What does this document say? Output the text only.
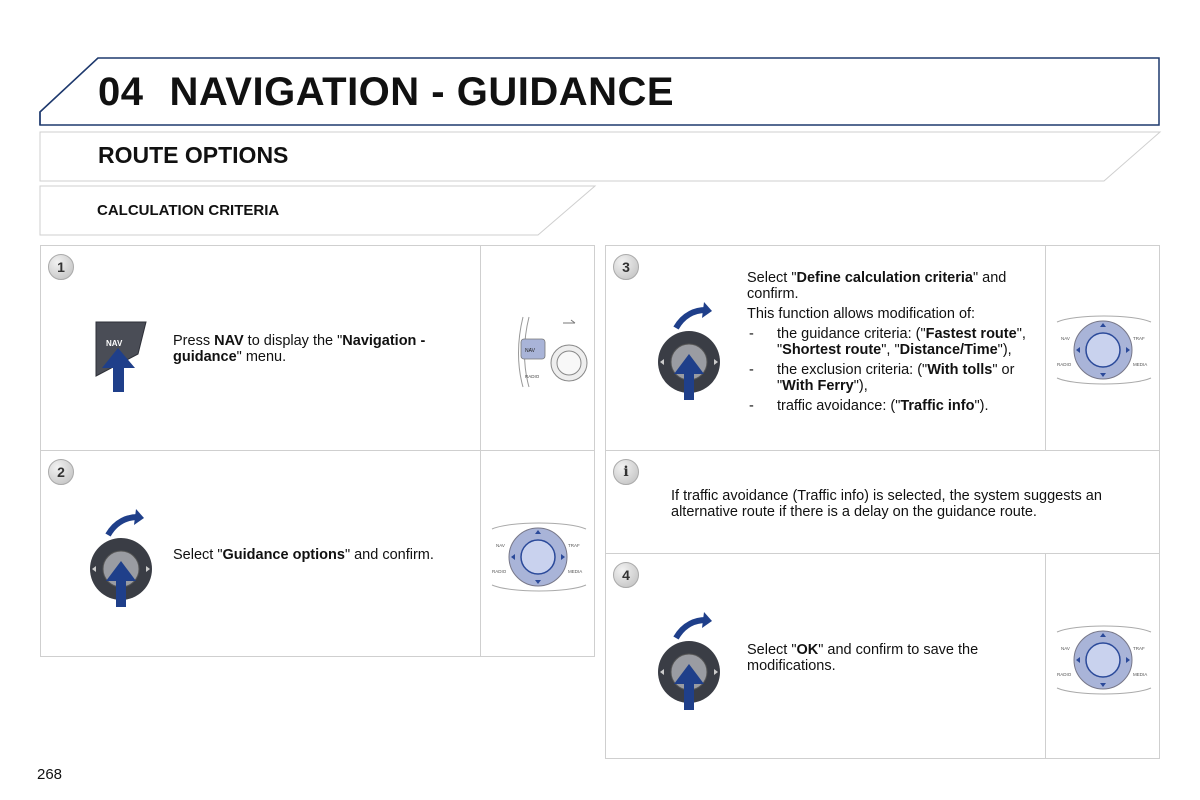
04 NAVIGATION - GUIDANCE
ROUTE OPTIONS
CALCULATION CRITERIA
1
NAV	Press NAV to display the "Navigation - guidance" menu.	NAV
RADIO
2
Select "Guidance options" and confirm.
NAV	TRAF
RADIO	MEDIA
3
Select "Define calculation criteria" and confirm.
This function allows modification of:
- the guidance criteria: ("Fastest route", "Shortest route", "Distance/Time"),
- the exclusion criteria: ("With tolls" or "With Ferry"),
- traffic avoidance: ("Traffic info").
NAV	TRAF
RADIO	MEDIA
i
If traffic avoidance (Traffic info) is selected, the system suggests an alternative route if there is a delay on the guidance route.
4
Select "OK" and confirm to save the modifications.
NAV	TRAF
RADIO	MEDIA
268
